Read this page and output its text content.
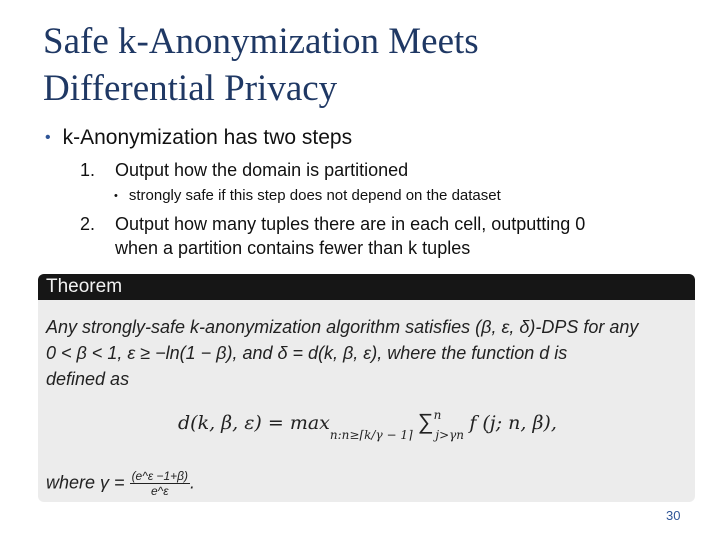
Safe k-Anonymization Meets
Differential Privacy
• k-Anonymization has two steps
1.	Output how the domain is partitioned
• strongly safe if this step does not depend on the dataset
2.	Output how many tuples there are in each cell, outputting 0
when a partition contains fewer than k tuples
Theorem
Any strongly-safe k-anonymization algorithm satisfies (β, ε, δ)-DPS for any
0 < β < 1, ε ≥ −ln(1 − β), and δ = d(k, β, ε), where the function d is
defined as
d(k, β, $\varepsilon) = \max_{n:n\ge⌈k/\gamma - 1⌉} \sum^n_{j>\gamma n}$ f (j; n, β),
where $\gamma = \frac{(e\^{}\varepsilon -1+\beta)}{e\^{}\varepsilon}$ .
30
